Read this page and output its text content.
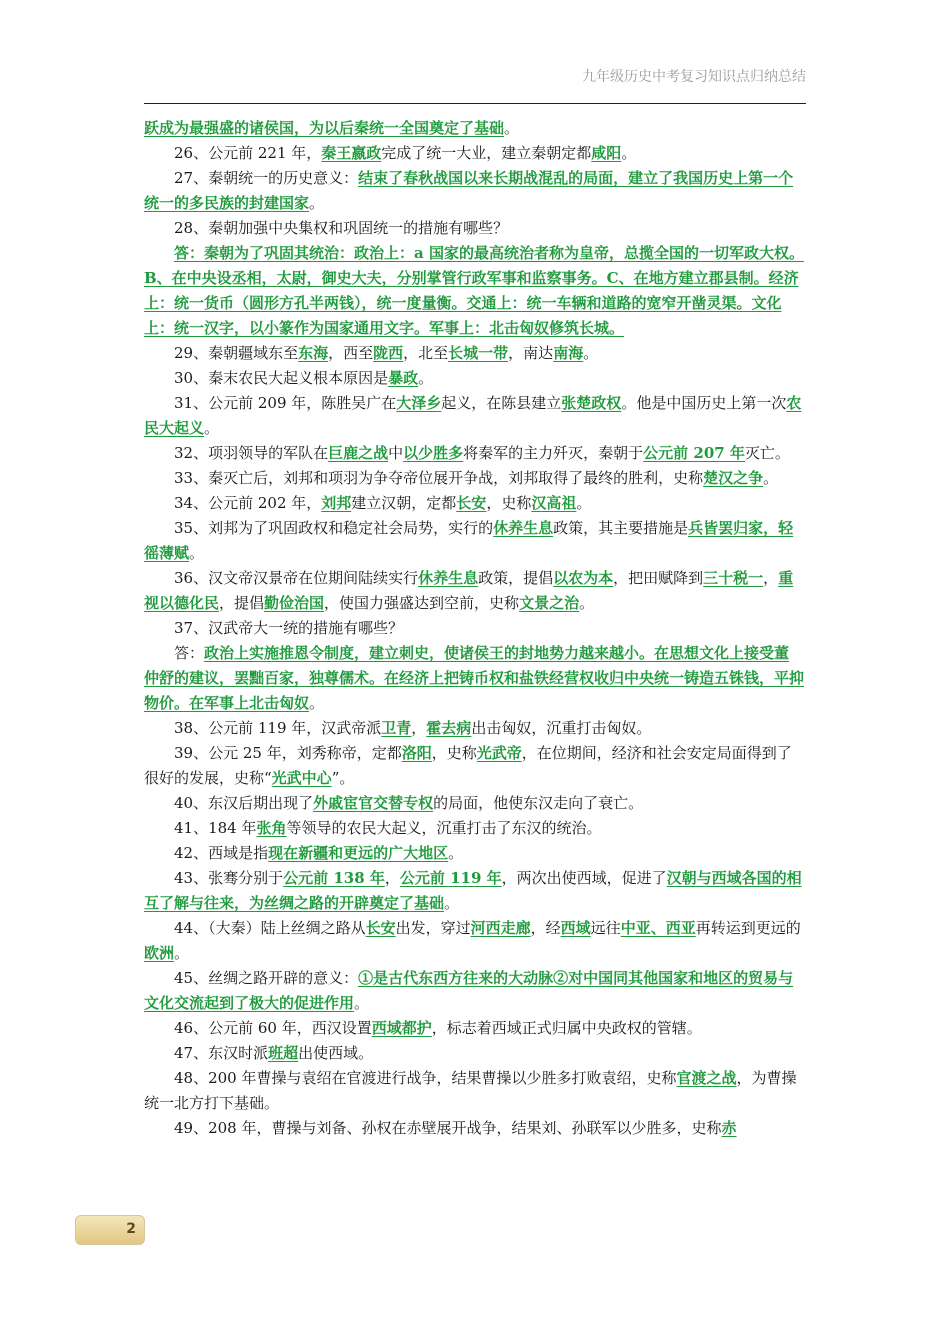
九年级历史中考复习知识点归纳总结

跃成为最强盛的诸侯国，为以后秦统一全国奠定了基础。

26、公元前 221 年，秦王嬴政完成了统一大业，建立秦朝定都咸阳。

27、秦朝统一的历史意义：结束了春秋战国以来长期战混乱的局面，建立了我国历史上第一个统一的多民族的封建国家。

28、秦朝加强中央集权和巩固统一的措施有哪些？

答：秦朝为了巩固其统治：政治上：a 国家的最高统治者称为皇帝，总揽全国的一切军政大权。B、在中央设丞相，太尉，御史大夫，分别掌管行政军事和监察事务。C、在地方建立郡县制。经济上：统一货币（圆形方孔半两钱），统一度量衡。交通上：统一车辆和道路的宽窄开凿灵渠。文化上：统一汉字，以小篆作为国家通用文字。军事上：北击匈奴修筑长城。

29、秦朝疆域东至东海，西至陇西，北至长城一带，南达南海。

30、秦末农民大起义根本原因是暴政。

31、公元前 209 年，陈胜吴广在大泽乡起义，在陈县建立张楚政权。他是中国历史上第一次农民大起义。

32、项羽领导的军队在巨鹿之战中以少胜多将秦军的主力歼灭，秦朝于公元前 207 年灭亡。

33、秦灭亡后，刘邦和项羽为争夺帝位展开争战，刘邦取得了最终的胜利，史称楚汉之争。

34、公元前 202 年，刘邦建立汉朝，定都长安，史称汉高祖。

35、刘邦为了巩固政权和稳定社会局势，实行的休养生息政策，其主要措施是兵皆罢归家，轻徭薄赋。

36、汉文帝汉景帝在位期间陆续实行休养生息政策，提倡以农为本，把田赋降到三十税一，重视以德化民，提倡勤俭治国，使国力强盛达到空前，史称文景之治。

37、汉武帝大一统的措施有哪些？

答：政治上实施推恩令制度，建立刺史，使诸侯王的封地势力越来越小。在思想文化上接受董仲舒的建议，罢黜百家，独尊儒术。在经济上把铸币权和盐铁经营权收归中央统一铸造五铢钱，平抑物价。在军事上北击匈奴。

38、公元前 119 年，汉武帝派卫青，霍去病出击匈奴，沉重打击匈奴。

39、公元 25 年，刘秀称帝，定都洛阳，史称光武帝，在位期间，经济和社会安定局面得到了很好的发展，史称“光武中心”。

40、东汉后期出现了外戚宦官交替专权的局面，他使东汉走向了衰亡。

41、184 年张角等领导的农民大起义，沉重打击了东汉的统治。

42、西域是指现在新疆和更远的广大地区。

43、张骞分别于公元前 138 年，公元前 119 年，两次出使西域，促进了汉朝与西域各国的相互了解与往来，为丝绸之路的开辟奠定了基础。

44、（大秦）陆上丝绸之路从长安出发，穿过河西走廊，经西域远往中亚、西亚再转运到更远的欧洲。

45、丝绸之路开辟的意义：①是古代东西方往来的大动脉②对中国同其他国家和地区的贸易与文化交流起到了极大的促进作用。

46、公元前 60 年，西汉设置西域都护，标志着西域正式归属中央政权的管辖。

47、东汉时派班超出使西域。

48、200 年曹操与袁绍在官渡进行战争，结果曹操以少胜多打败袁绍，史称官渡之战，为曹操统一北方打下基础。

49、208 年，曹操与刘备、孙权在赤壁展开战争，结果刘、孙联军以少胜多，史称赤

2
